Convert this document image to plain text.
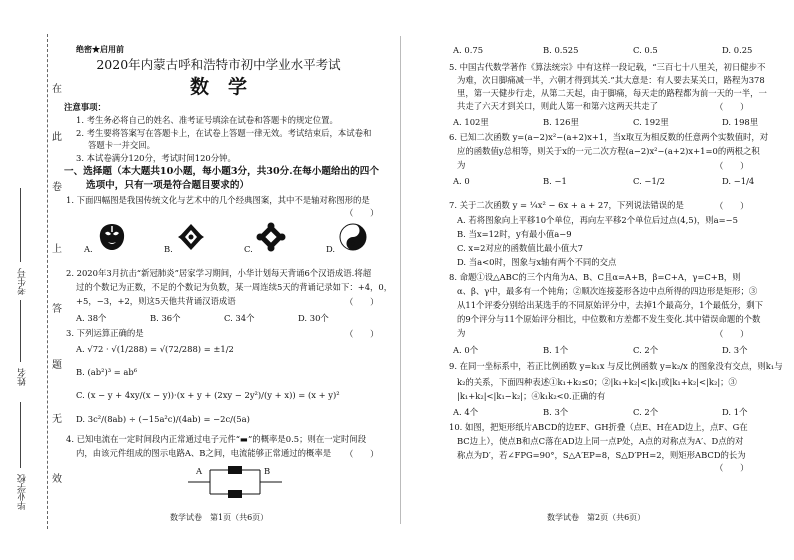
在
此
卷
上
答
题
无
效
考生号
姓名
毕业学校
绝密★启用前
2020年内蒙古呼和浩特市初中学业水平考试
数　学
注意事项：
1. 考生务必将自己的姓名、准考证号填涂在试卷和答题卡的规定位置。
2. 考生要将答案写在答题卡上，在试卷上答题一律无效。考试结束后，本试卷和
答题卡一并交回。
3. 本试卷满分120分，考试时间120分钟。
一、选择题（本大题共10小题，每小题3分，共30分.在每小题给出的四个
选项中，只有一项是符合题目要求的）
1. 下面四幅图是我国传统文化与艺术中的几个经典图案，其中不是轴对称图形的是
（　　）
A.	B.	C.	D.
2. 2020年3月抗击“新冠肺炎”居家学习期间，小华计划每天背诵6个汉语成语.将超
过的个数记为正数，不足的个数记为负数，某一周连续5天的背诵记录如下：+4，0，
+5，−3，+2，则这5天他共背诵汉语成语	（　　）
A. 38个	B. 36个	C. 34个	D. 30个
3. 下列运算正确的是	（　　）
A. √72 · √(1/288) = √(72/288) = ±1/2
B. (ab²)³ = ab⁶
C. (x − y + 4xy/(x − y))·(x + y + (2xy − 2y²)/(y + x)) = (x + y)²
D. 3c²/(8ab) ÷ (−15a²c)/(4ab) = −2c/(5a)
4. 已知电流在一定时间段内正常通过电子元件“▬”的概率是0.5；则在一定时间段
内，由该元件组成的图示电路A、B之间，电流能够正常通过的概率是 （　　）
A	B
数学试卷　第1页（共6页）
A. 0.75	B. 0.525	C. 0.5	D. 0.25
5. 中国古代数学著作《算法统宗》中有这样一段记载，“三百七十八里关，初日健步不
为难，次日脚痛减一半，六朝才得到其关.”其大意是：有人要去某关口，路程为378
里，第一天健步行走，从第二天起，由于脚痛，每天走的路程都为前一天的一半，一
共走了六天才到关口，则此人第一和第六这两天共走了	（　　）
A. 102里	B. 126里	C. 192里	D. 198里
6. 已知二次函数 y=(a−2)x²−(a+2)x+1，当x取互为相反数的任意两个实数值时，对
应的函数值y总相等，则关于x的一元二次方程(a−2)x²−(a+2)x+1=0的两根之积
为	（　　）
A. 0	B. −1	C. −1/2	D. −1/4
7. 关于二次函数 y = ¼x² − 6x + a + 27，下列说法错误的是	（　　）
A. 若将图象向上平移10个单位，再向左平移2个单位后过点(4,5)，则a=−5
B. 当x=12时，y有最小值a−9
C. x=2对应的函数值比最小值大7
D. 当a<0时，图象与x轴有两个不同的交点
8. 命题①设△ABC的三个内角为A、B、C且α=A+B，β=C+A，γ=C+B，则
α、β、γ中，最多有一个钝角；②顺次连接菱形各边中点所得的四边形是矩形；③
从11个评委分别给出某选手的不同原始评分中，去掉1个最高分，1个最低分，剩下
的9个评分与11个原始评分相比，中位数和方差都不发生变化.其中错误命题的个数
为	（　　）
A. 0个	B. 1个	C. 2个	D. 3个
9. 在同一坐标系中，若正比例函数 y=k₁x 与反比例函数 y=k₂/x 的图象没有交点，则k₁与
k₂的关系，下面四种表述①k₁+k₂≤0；②|k₁+k₂|<|k₁|或|k₁+k₂|<|k₂|；③
|k₁+k₂|<|k₁−k₂|；④k₁k₂<0.正确的有
A. 4个	B. 3个	C. 2个	D. 1个
10. 如图，把矩形纸片ABCD的边EF、GH折叠（点E、H在AD边上，点F、G在
BC边上），使点B和点C落在AD边上同一点P处，A点的对称点为A′、D点的对
称点为D′，若∠FPG=90°，S△A′EP=8，S△D′PH=2，则矩形ABCD的长为
（　　）
数学试卷　第2页（共6页）
